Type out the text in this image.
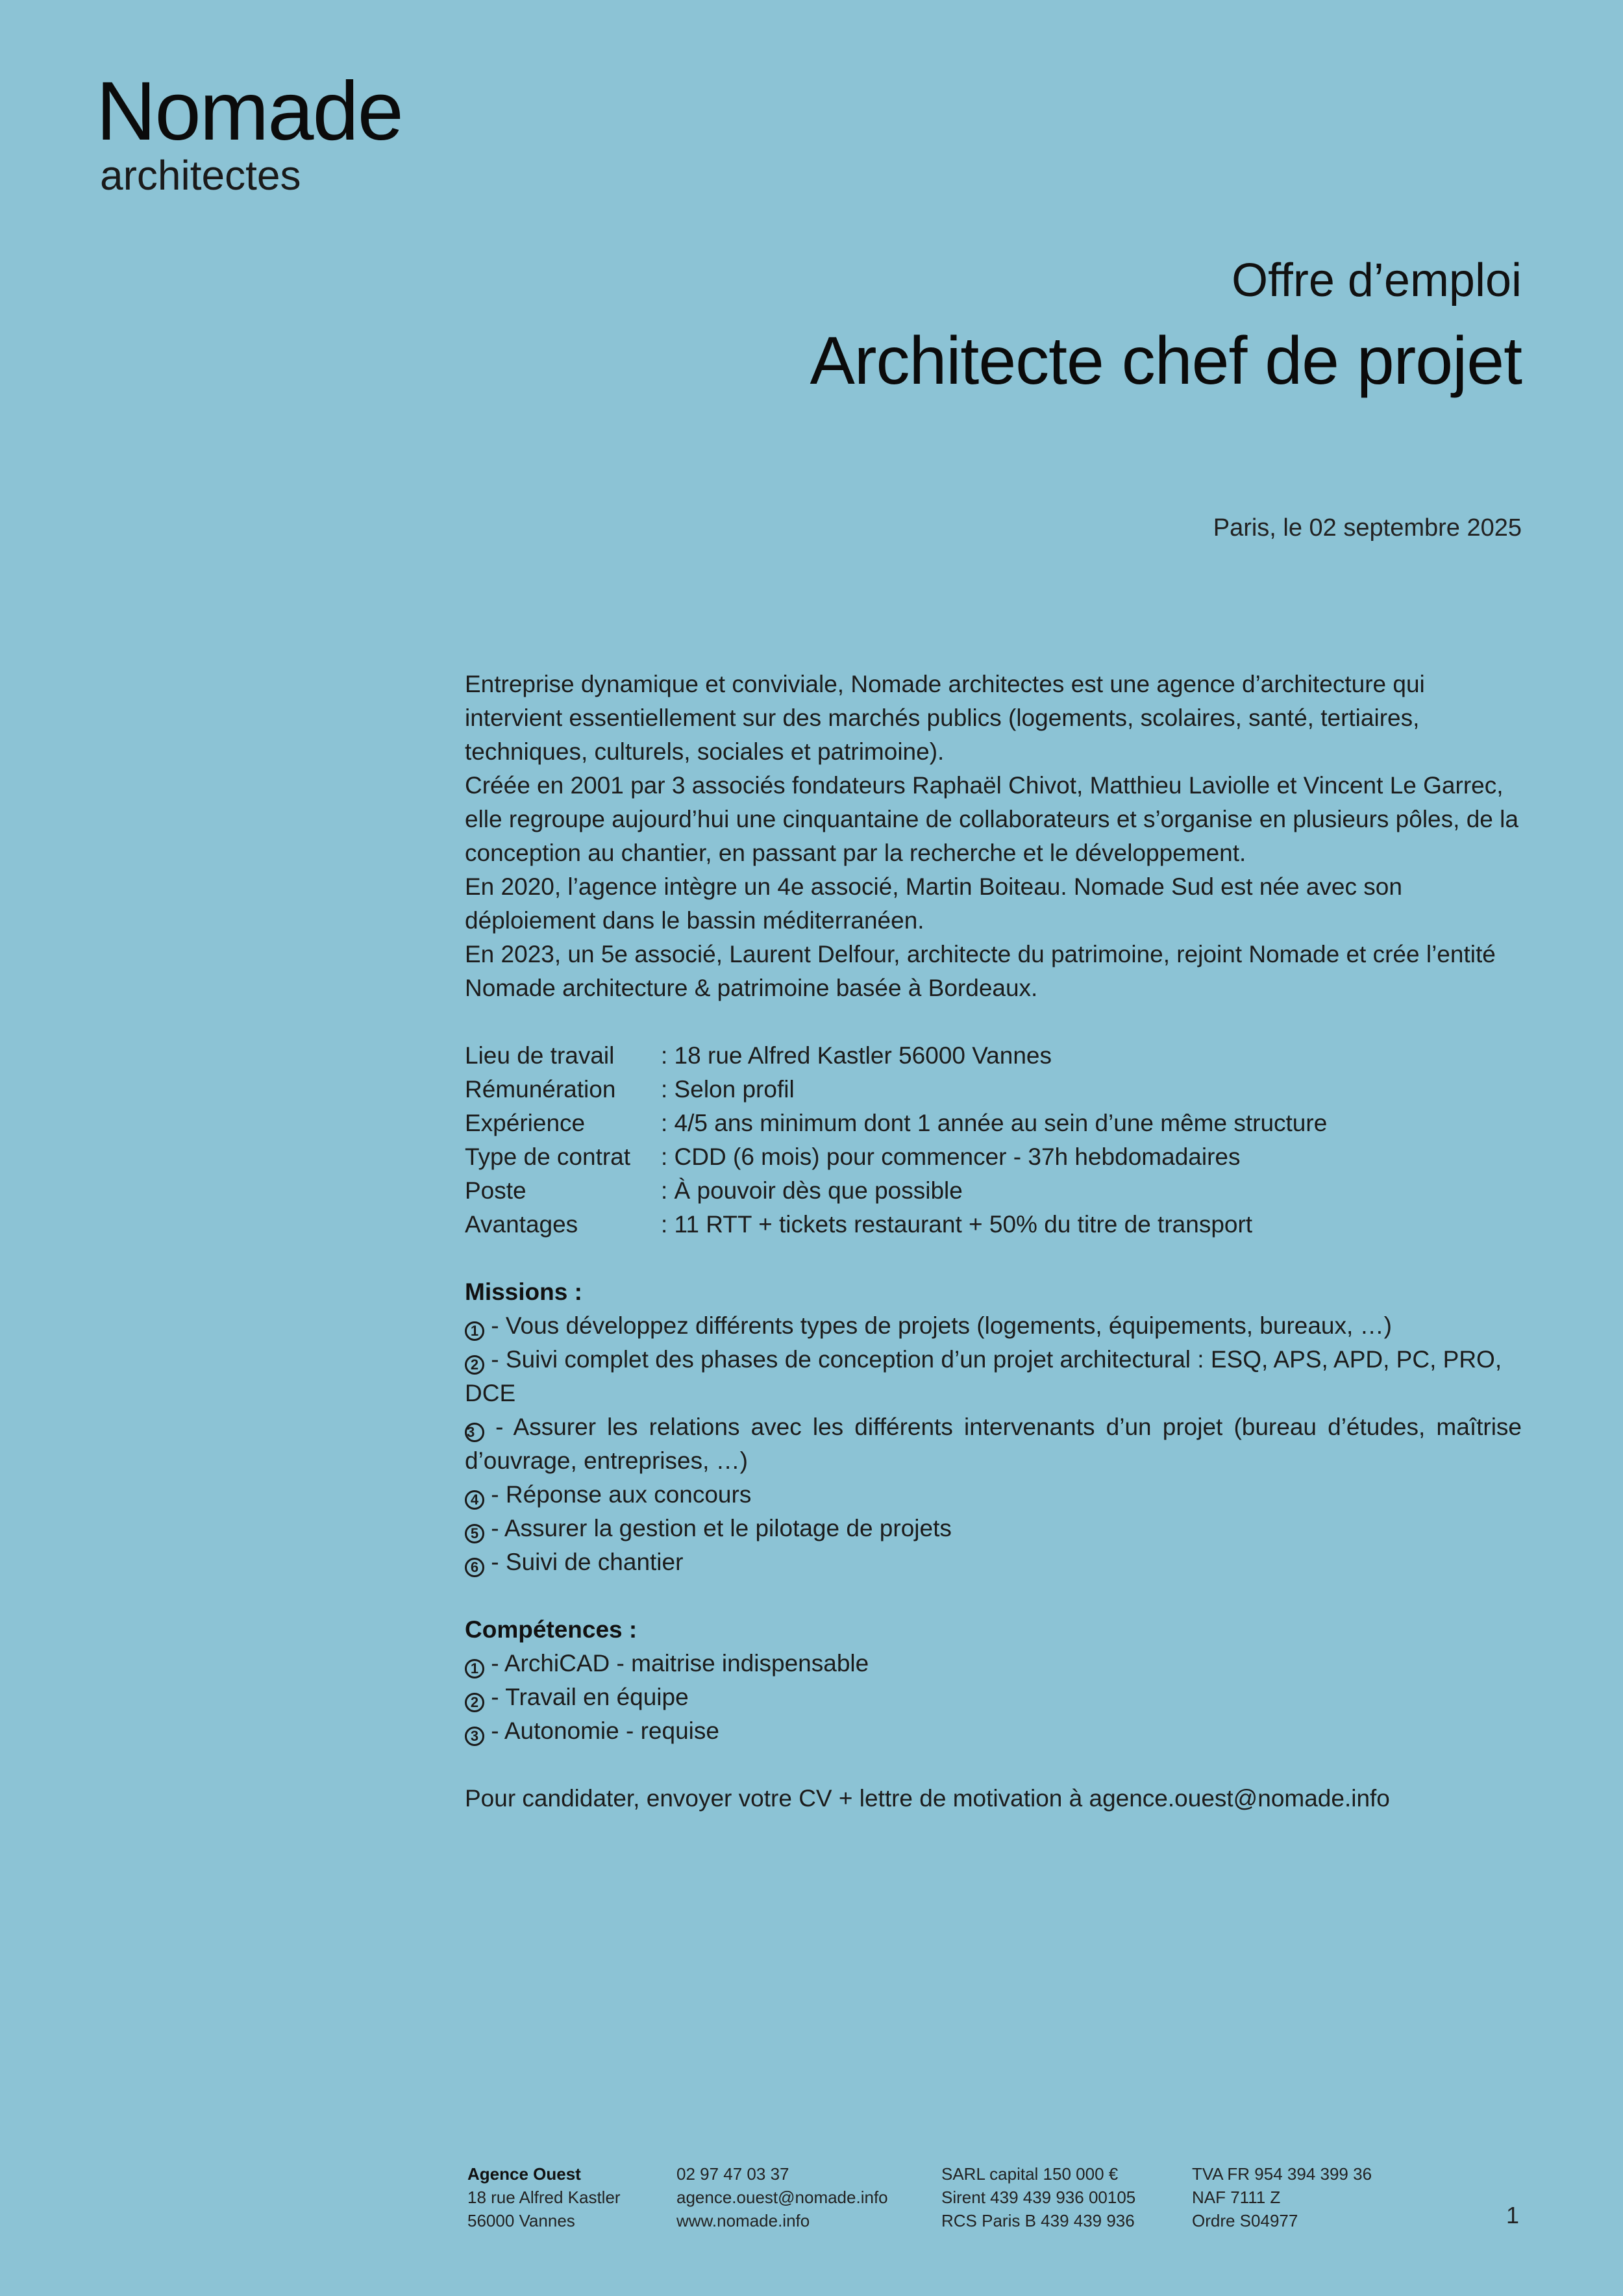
Nomade
architectes
Offre d’emploi
Architecte chef de projet
Paris, le 02 septembre 2025

Entreprise dynamique et conviviale, Nomade architectes est une agence d’architecture qui intervient essentiellement sur des marchés publics (logements, scolaires, santé, tertiaires, techniques, culturels, sociales et patrimoine).

Créée en 2001 par 3 associés fondateurs Raphaël Chivot, Matthieu Laviolle et Vincent Le Garrec, elle regroupe aujourd’hui une cinquantaine de collaborateurs et s’organise en plusieurs pôles, de la conception au chantier, en passant par la recherche et le développement.

En 2020, l’agence intègre un 4e associé, Martin Boiteau. Nomade Sud est née avec son déploiement dans le bassin méditerranéen.

En 2023, un 5e associé, Laurent Delfour, architecte du patrimoine, rejoint Nomade et crée l’entité Nomade architecture & patrimoine basée à Bordeaux.

Lieu de travail	: 18 rue Alfred Kastler 56000 Vannes
Rémunération	: Selon profil
Expérience	: 4/5 ans minimum dont 1 année au sein d’une même structure
Type de contrat	: CDD (6 mois) pour commencer - 37h hebdomadaires
Poste	: À pouvoir dès que possible
Avantages	: 11 RTT + tickets restaurant + 50% du titre de transport

Missions :

1 - Vous développez différents types de projets (logements, équipements, bureaux, …)

2 - Suivi complet des phases de conception d’un projet architectural : ESQ, APS, APD, PC, PRO, DCE

3 - Assurer les relations avec les différents intervenants d’un projet (bureau d’études, maîtrise d’ouvrage, entreprises, …)

4 - Réponse aux concours

5 - Assurer la gestion et le pilotage de projets

6 - Suivi de chantier

Compétences :

1 - ArchiCAD - maitrise indispensable

2 - Travail en équipe

3 - Autonomie - requise

Pour candidater, envoyer votre CV + lettre de motivation à agence.ouest@nomade.info

Agence Ouest
18 rue Alfred Kastler
56000 Vannes
02 97 47 03 37
agence.ouest@nomade.info
www.nomade.info
SARL capital 150 000 €
Sirent 439 439 936 00105
RCS Paris B 439 439 936
TVA FR 954 394 399 36
NAF 7111 Z
Ordre S04977	1
